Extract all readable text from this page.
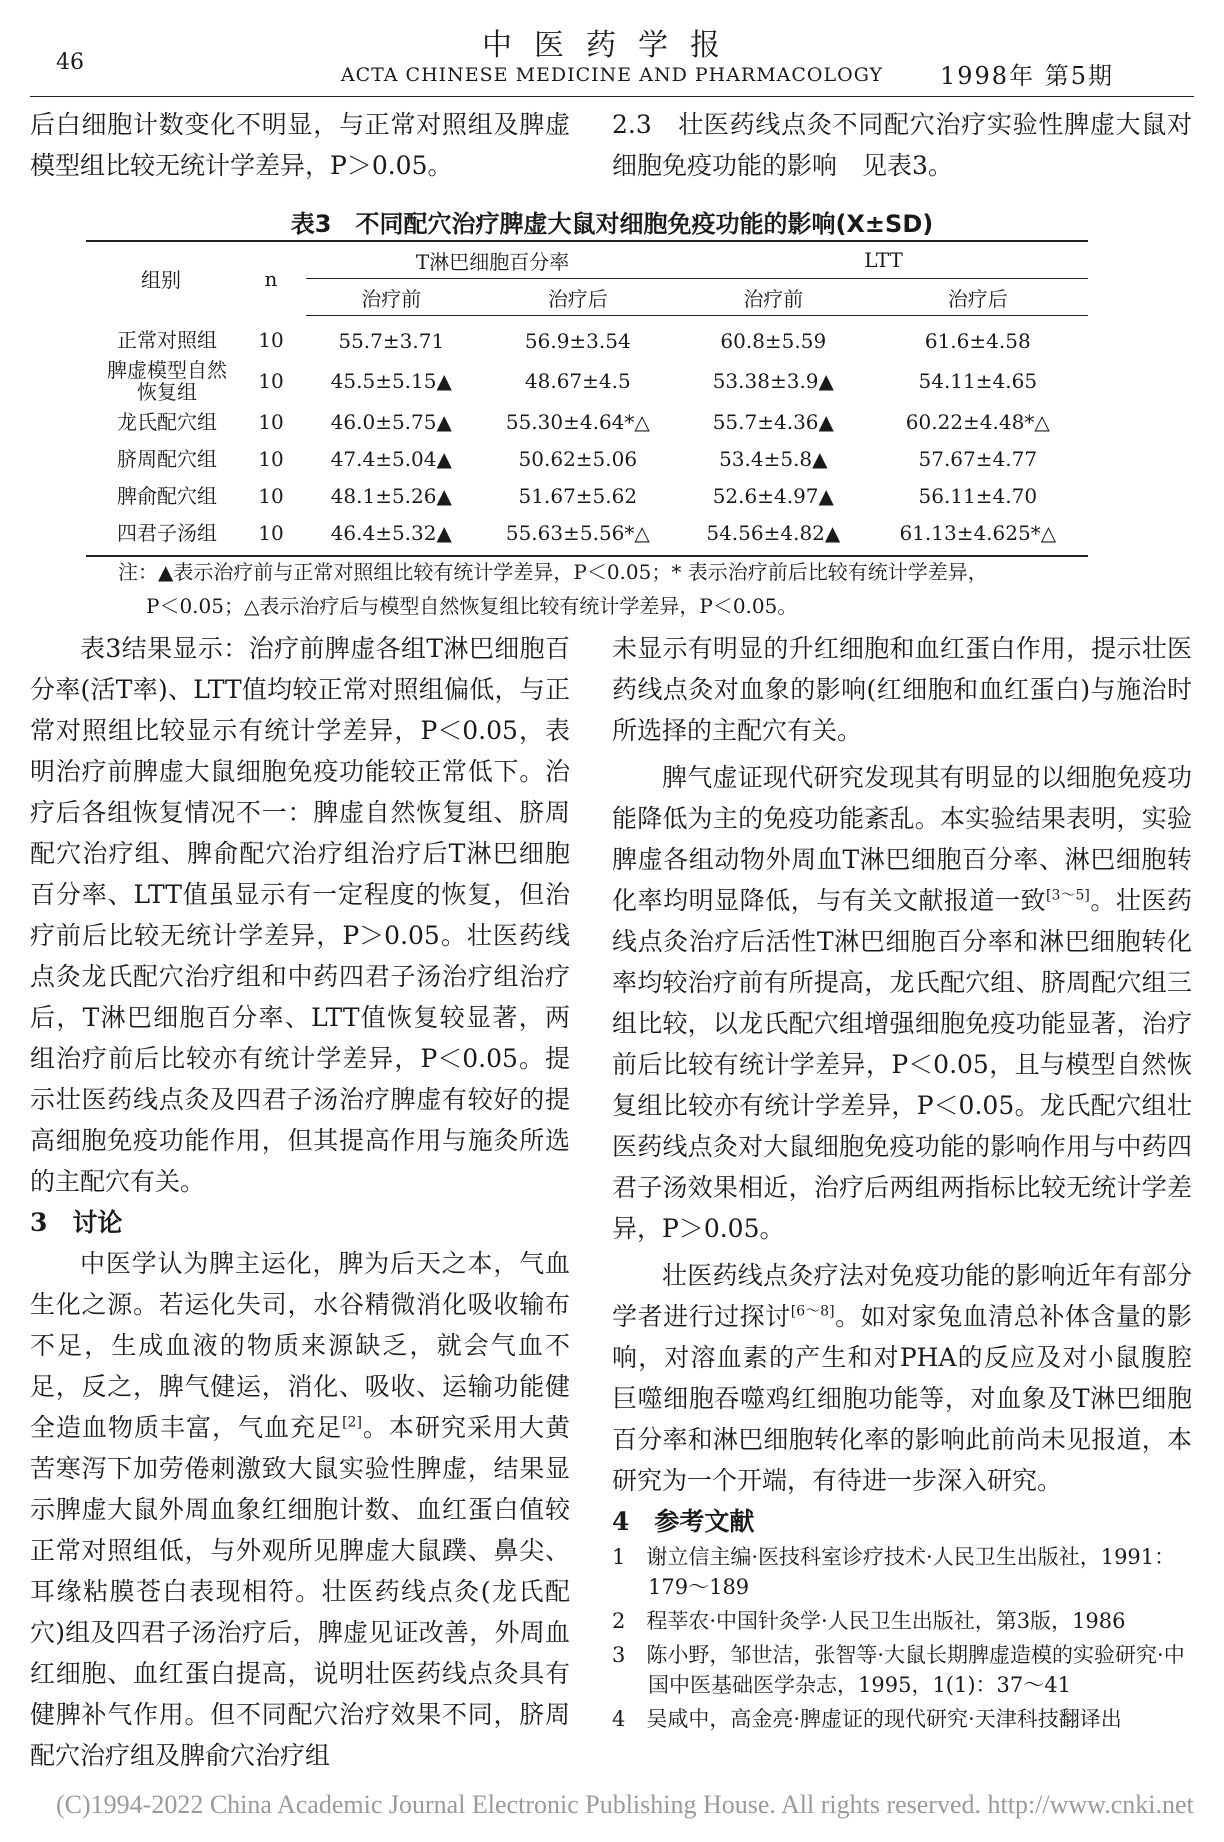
中医药学报
46	ACTA CHINESE MEDICINE AND PHARMACOLOGY	1998年 第5期

后白细胞计数变化不明显，与正常对照组及脾虚模型组比较无统计学差异，P＞0.05。

2.3　壮医药线点灸不同配穴治疗实验性脾虚大鼠对细胞免疫功能的影响　见表3。

表3　不同配穴治疗脾虚大鼠对细胞免疫功能的影响(X±SD)
组别	n	T淋巴细胞百分率		LTT	
		治疗前	治疗后	治疗前	治疗后
正常对照组	10	55.7±3.71	56.9±3.54	60.8±5.59	61.6±4.58
脾虚模型自然恢复组	10	45.5±5.15▲	48.67±4.5	53.38±3.9▲	54.11±4.65
龙氏配穴组	10	46.0±5.75▲	55.30±4.64*△	55.7±4.36▲	60.22±4.48*△
脐周配穴组	10	47.4±5.04▲	50.62±5.06	53.4±5.8▲	57.67±4.77
脾俞配穴组	10	48.1±5.26▲	51.67±5.62	52.6±4.97▲	56.11±4.70
四君子汤组	10	46.4±5.32▲	55.63±5.56*△	54.56±4.82▲	61.13±4.625*△
注：▲表示治疗前与正常对照组比较有统计学差异，P＜0.05；* 表示治疗前后比较有统计学差异，
P＜0.05；△表示治疗后与模型自然恢复组比较有统计学差异，P＜0.05。

表3结果显示：治疗前脾虚各组T淋巴细胞百分率(活T率)、LTT值均较正常对照组偏低，与正常对照组比较显示有统计学差异，P＜0.05，表明治疗前脾虚大鼠细胞免疫功能较正常低下。治疗后各组恢复情况不一：脾虚自然恢复组、脐周配穴治疗组、脾俞配穴治疗组治疗后T淋巴细胞百分率、LTT值虽显示有一定程度的恢复，但治疗前后比较无统计学差异，P＞0.05。壮医药线点灸龙氏配穴治疗组和中药四君子汤治疗组治疗后，T淋巴细胞百分率、LTT值恢复较显著，两组治疗前后比较亦有统计学差异，P＜0.05。提示壮医药线点灸及四君子汤治疗脾虚有较好的提高细胞免疫功能作用，但其提高作用与施灸所选的主配穴有关。

3　讨论

中医学认为脾主运化，脾为后天之本，气血生化之源。若运化失司，水谷精微消化吸收输布不足，生成血液的物质来源缺乏，就会气血不足，反之，脾气健运，消化、吸收、运输功能健全造血物质丰富，气血充足[2]。本研究采用大黄苦寒泻下加劳倦刺激致大鼠实验性脾虚，结果显示脾虚大鼠外周血象红细胞计数、血红蛋白值较正常对照组低，与外观所见脾虚大鼠蹼、鼻尖、耳缘粘膜苍白表现相符。壮医药线点灸(龙氏配穴)组及四君子汤治疗后，脾虚见证改善，外周血红细胞、血红蛋白提高，说明壮医药线点灸具有健脾补气作用。但不同配穴治疗效果不同，脐周配穴治疗组及脾俞穴治疗组

未显示有明显的升红细胞和血红蛋白作用，提示壮医药线点灸对血象的影响(红细胞和血红蛋白)与施治时所选择的主配穴有关。

脾气虚证现代研究发现其有明显的以细胞免疫功能降低为主的免疫功能紊乱。本实验结果表明，实验脾虚各组动物外周血T淋巴细胞百分率、淋巴细胞转化率均明显降低，与有关文献报道一致[3～5]。壮医药线点灸治疗后活性T淋巴细胞百分率和淋巴细胞转化率均较治疗前有所提高，龙氏配穴组、脐周配穴组三组比较，以龙氏配穴组增强细胞免疫功能显著，治疗前后比较有统计学差异，P＜0.05，且与模型自然恢复组比较亦有统计学差异，P＜0.05。龙氏配穴组壮医药线点灸对大鼠细胞免疫功能的影响作用与中药四君子汤效果相近，治疗后两组两指标比较无统计学差异，P＞0.05。

壮医药线点灸疗法对免疫功能的影响近年有部分学者进行过探讨[6～8]。如对家兔血清总补体含量的影响，对溶血素的产生和对PHA的反应及对小鼠腹腔巨噬细胞吞噬鸡红细胞功能等，对血象及T淋巴细胞百分率和淋巴细胞转化率的影响此前尚未见报道，本研究为一个开端，有待进一步深入研究。

4　参考文献

1　谢立信主编·医技科室诊疗技术·人民卫生出版社，1991：179～189
2　程莘农·中国针灸学·人民卫生出版社，第3版，1986
3　陈小野，邹世洁，张智等·大鼠长期脾虚造模的实验研究·中国中医基础医学杂志，1995，1(1)：37～41
4　吴咸中，高金亮·脾虚证的现代研究·天津科技翻译出
(C)1994-2022 China Academic Journal Electronic Publishing House. All rights reserved. http://www.cnki.net
